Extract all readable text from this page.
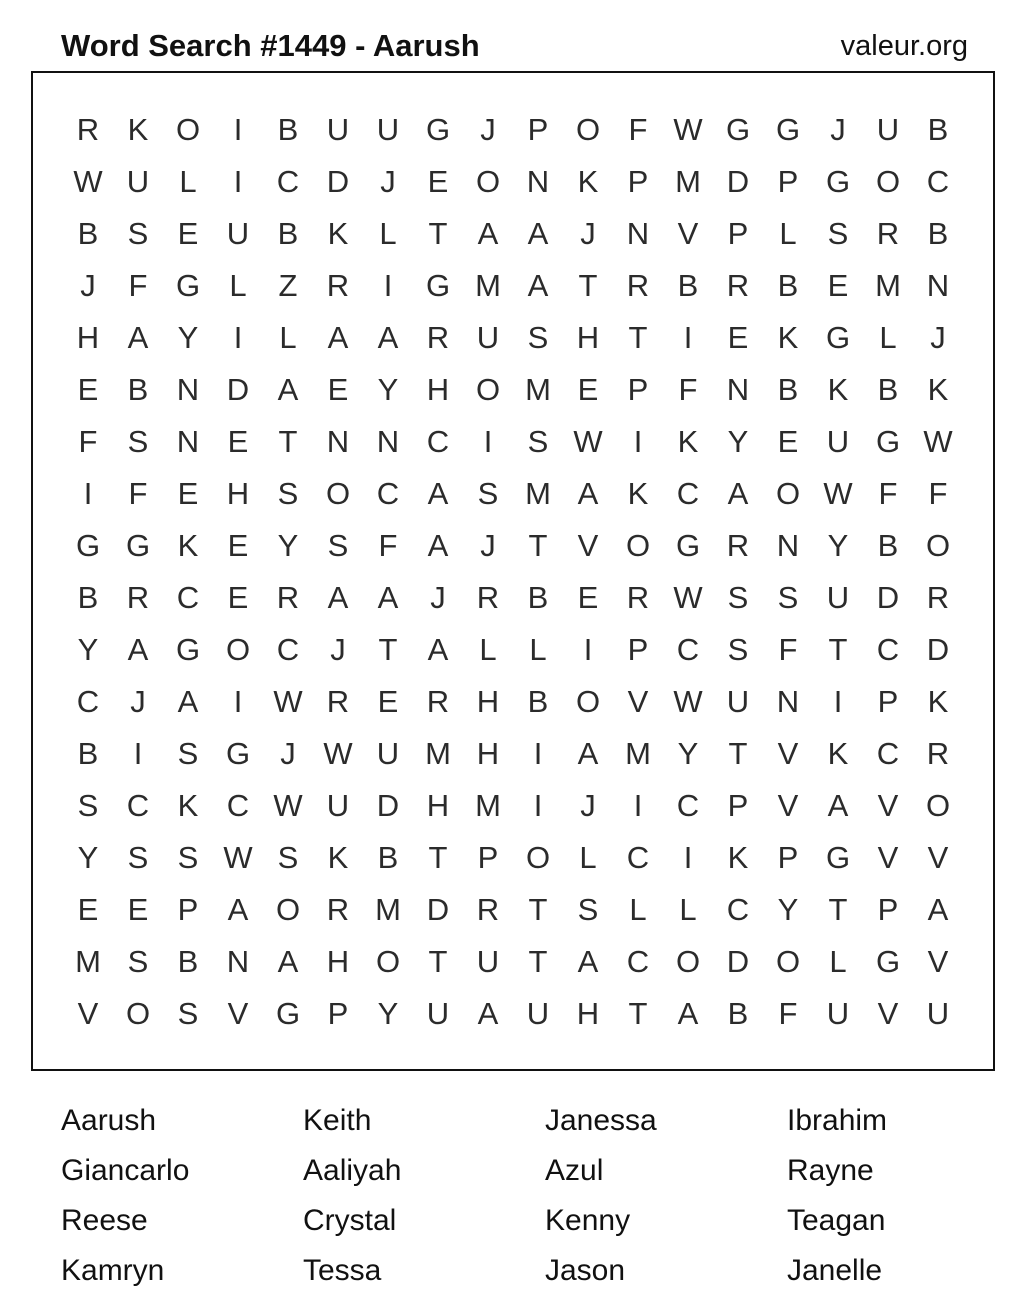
Word Search #1449 - Aarush	valeur.org
R K O	I	B U U G J	P O F W G G J	U B
W U L	I	C D	J	E O N K P M D P G O C
B S E U B K	L	T A A	J	N V P	L	S R B
J	F G L	Z R	I	G M A T R B R B E M N
H A Y	I	L	A A R U S H T	I	E K G L	J
E B N D A E Y H O M E P F N B K B K
F S N E T N N C	I	S W	I	K Y E U G W
I	F E H S O C A S M A K C A O W F	F
G G K E Y S F A	J	T V O G R N Y B O
B R C E R A A	J	R B E R W S S U D R
Y A G O C	J	T A	L	L	I	P C S F	T C D
C	J	A	I	W R E R H B O V W U N	I	P K
B	I	S G J W U M H	I	A M Y T V K C R
S C K C W U D H M	I	J	I	C P V A V O
Y S S W S K B T P O L C	I	K P G V V
E E P A O R M D R T S	L	L C Y T P A
M S B N A H O T U T A C O D O L G V
V O S V G P Y U A U H T A B F U V U
Aarush	Keith	Janessa	Ibrahim
Giancarlo	Aaliyah	Azul	Rayne
Reese	Crystal	Kenny	Teagan
Kamryn	Tessa	Jason	Janelle
